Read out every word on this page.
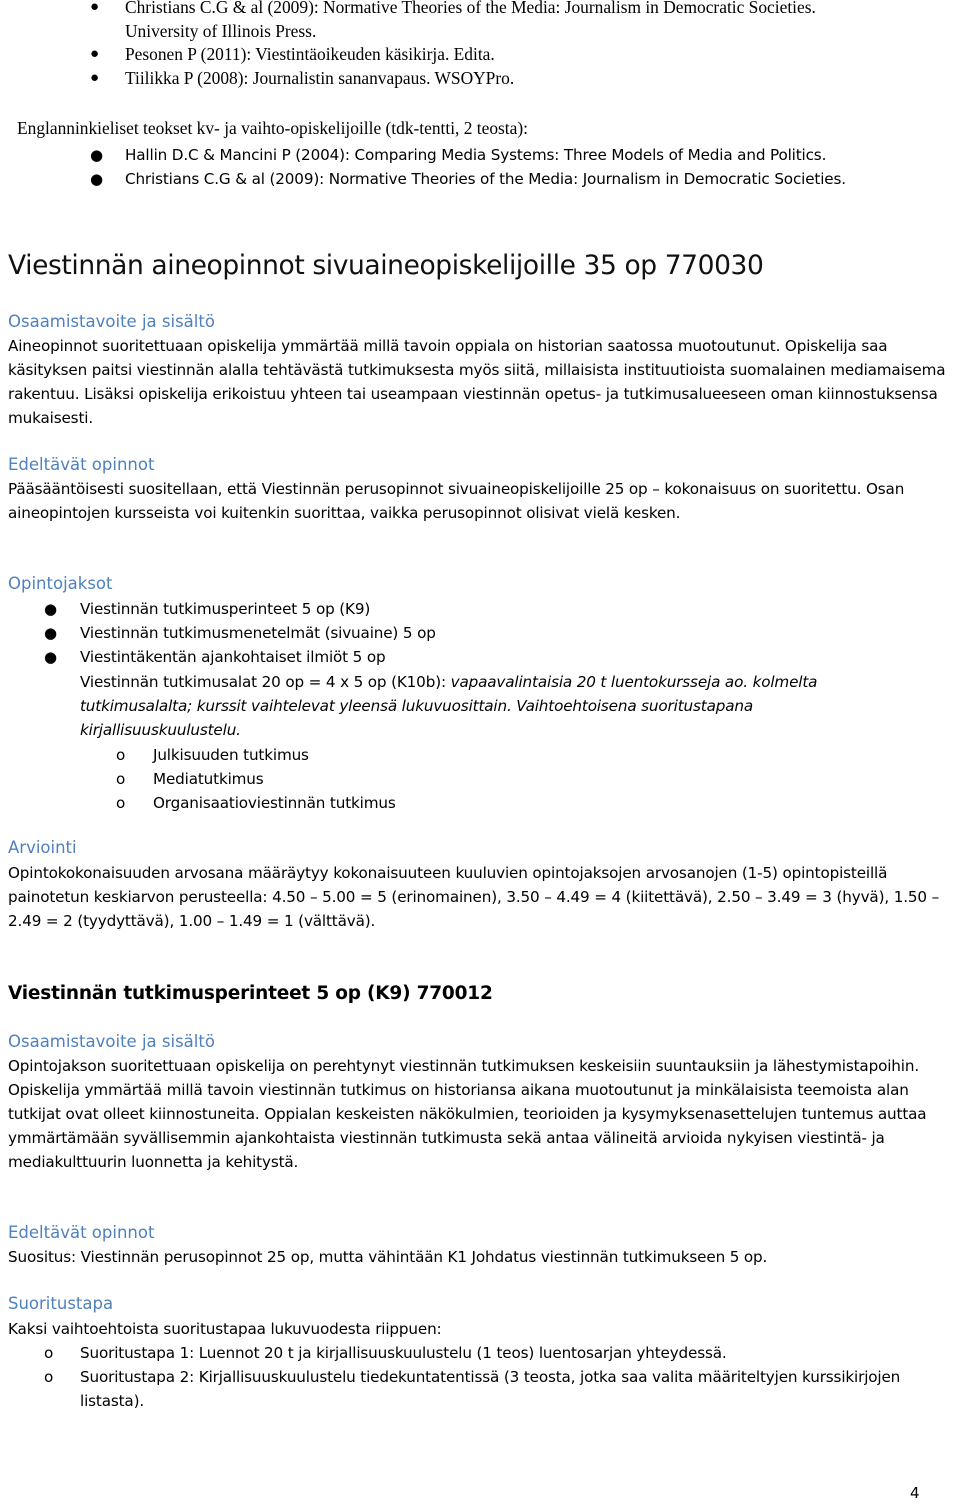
● Christians C.G & al (2009): Normative Theories of the Media: Journalism in Democratic Societies.
University of Illinois Press.
● Pesonen P (2011): Viestintäoikeuden käsikirja. Edita.
● Tiilikka P (2008): Journalistin sananvapaus. WSOYPro.
Englanninkieliset teokset kv- ja vaihto-opiskelijoille (tdk-tentti, 2 teosta):
● Hallin D.C & Mancini P (2004): Comparing Media Systems: Three Models of Media and Politics.
● Christians C.G & al (2009): Normative Theories of the Media: Journalism in Democratic Societies.
Viestinnän aineopinnot sivuaineopiskelijoille 35 op 770030
Osaamistavoite ja sisältö

Aineopinnot suoritettuaan opiskelija ymmärtää millä tavoin oppiala on historian saatossa muotoutunut. Opiskelija saa käsityksen paitsi viestinnän alalla tehtävästä tutkimuksesta myös siitä, millaisista instituutioista suomalainen mediamaisema rakentuu. Lisäksi opiskelija erikoistuu yhteen tai useampaan viestinnän opetus- ja tutkimusalueeseen oman kiinnostuksensa mukaisesti.

Edeltävät opinnot

Pääsääntöisesti suositellaan, että Viestinnän perusopinnot sivuaineopiskelijoille 25 op – kokonaisuus on suoritettu. Osan aineopintojen kursseista voi kuitenkin suorittaa, vaikka perusopinnot olisivat vielä kesken.

Opintojaksot
● Viestinnän tutkimusperinteet 5 op (K9)
● Viestinnän tutkimusmenetelmät (sivuaine) 5 op
● Viestintäkentän ajankohtaiset ilmiöt 5 op

Viestinnän tutkimusalat 20 op = 4 x 5 op (K10b): vapaavalintaisia 20 t luentokursseja ao. kolmelta tutkimusalalta; kurssit vaihtelevat yleensä lukuvuosittain. Vaihtoehtoisena suoritustapana kirjallisuuskuulustelu.

o Julkisuuden tutkimus
o Mediatutkimus
o Organisaatioviestinnän tutkimus
Arviointi

Opintokokonaisuuden arvosana määräytyy kokonaisuuteen kuuluvien opintojaksojen arvosanojen (1-5) opintopisteillä painotetun keskiarvon perusteella: 4.50 – 5.00 = 5 (erinomainen), 3.50 – 4.49 = 4 (kiitettävä), 2.50 – 3.49 = 3 (hyvä), 1.50 – 2.49 = 2 (tyydyttävä), 1.00 – 1.49 = 1 (välttävä).

Viestinnän tutkimusperinteet 5 op (K9) 770012
Osaamistavoite ja sisältö

Opintojakson suoritettuaan opiskelija on perehtynyt viestinnän tutkimuksen keskeisiin suuntauksiin ja lähestymistapoihin. Opiskelija ymmärtää millä tavoin viestinnän tutkimus on historiansa aikana muotoutunut ja minkälaisista teemoista alan tutkijat ovat olleet kiinnostuneita. Oppialan keskeisten näkökulmien, teorioiden ja kysymyksenasettelujen tuntemus auttaa ymmärtämään syvällisemmin ajankohtaista viestinnän tutkimusta sekä antaa välineitä arvioida nykyisen viestintä- ja mediakulttuurin luonnetta ja kehitystä.

Edeltävät opinnot

Suositus: Viestinnän perusopinnot 25 op, mutta vähintään K1 Johdatus viestinnän tutkimukseen 5 op.

Suoritustapa

Kaksi vaihtoehtoista suoritustapaa lukuvuodesta riippuen:

o Suoritustapa 1: Luennot 20 t ja kirjallisuuskuulustelu (1 teos) luentosarjan yhteydessä.

o Suoritustapa 2: Kirjallisuuskuulustelu tiedekuntatentissä (3 teosta, jotka saa valita määriteltyjen kurssikirjojen listasta).

4
